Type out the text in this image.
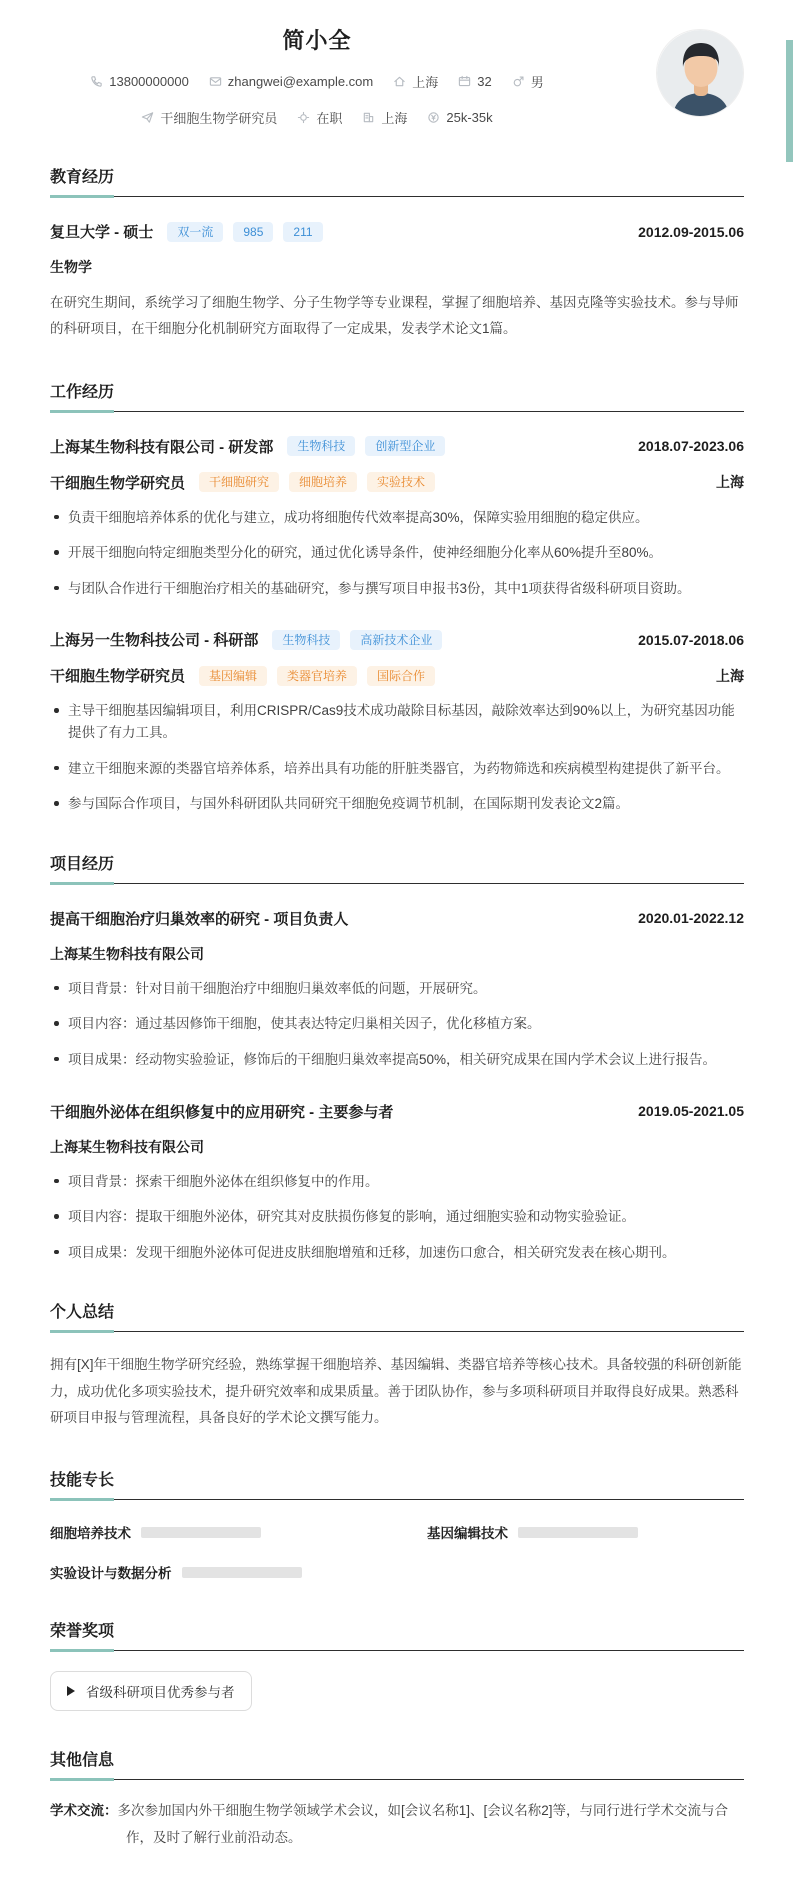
简小全
13800000000	zhangwei@example.com	上海	32	男
干细胞生物学研究员	在职	上海	25k-35k
教育经历
复旦大学 - 硕士	双一流	985	211	2012.09-2015.06
生物学
在研究生期间，系统学习了细胞生物学、分子生物学等专业课程，掌握了细胞培养、基因克隆等实验技术。参与导师的科研项目，在干细胞分化机制研究方面取得了一定成果，发表学术论文1篇。
工作经历
上海某生物科技有限公司 - 研发部	生物科技	创新型企业	2018.07-2023.06
干细胞生物学研究员	干细胞研究	细胞培养	实验技术	上海
负责干细胞培养体系的优化与建立，成功将细胞传代效率提高30%，保障实验用细胞的稳定供应。
开展干细胞向特定细胞类型分化的研究，通过优化诱导条件，使神经细胞分化率从60%提升至80%。
与团队合作进行干细胞治疗相关的基础研究，参与撰写项目申报书3份，其中1项获得省级科研项目资助。
上海另一生物科技公司 - 科研部	生物科技	高新技术企业	2015.07-2018.06
干细胞生物学研究员	基因编辑	类器官培养	国际合作	上海
主导干细胞基因编辑项目，利用CRISPR/Cas9技术成功敲除目标基因，敲除效率达到90%以上，为研究基因功能提供了有力工具。
建立干细胞来源的类器官培养体系，培养出具有功能的肝脏类器官，为药物筛选和疾病模型构建提供了新平台。
参与国际合作项目，与国外科研团队共同研究干细胞免疫调节机制，在国际期刊发表论文2篇。
项目经历
提高干细胞治疗归巢效率的研究 - 项目负责人	2020.01-2022.12
上海某生物科技有限公司
项目背景：针对目前干细胞治疗中细胞归巢效率低的问题，开展研究。
项目内容：通过基因修饰干细胞，使其表达特定归巢相关因子，优化移植方案。
项目成果：经动物实验验证，修饰后的干细胞归巢效率提高50%，相关研究成果在国内学术会议上进行报告。
干细胞外泌体在组织修复中的应用研究 - 主要参与者	2019.05-2021.05
上海某生物科技有限公司
项目背景：探索干细胞外泌体在组织修复中的作用。
项目内容：提取干细胞外泌体，研究其对皮肤损伤修复的影响，通过细胞实验和动物实验验证。
项目成果：发现干细胞外泌体可促进皮肤细胞增殖和迁移，加速伤口愈合，相关研究发表在核心期刊。
个人总结
拥有[X]年干细胞生物学研究经验，熟练掌握干细胞培养、基因编辑、类器官培养等核心技术。具备较强的科研创新能力，成功优化多项实验技术，提升研究效率和成果质量。善于团队协作，参与多项科研项目并取得良好成果。熟悉科研项目申报与管理流程，具备良好的学术论文撰写能力。
技能专长
细胞培养技术	基因编辑技术
实验设计与数据分析
荣誉奖项
省级科研项目优秀参与者
其他信息
学术交流：多次参加国内外干细胞生物学领域学术会议，如[会议名称1]、[会议名称2]等，与同行进行学术交流与合作，及时了解行业前沿动态。
